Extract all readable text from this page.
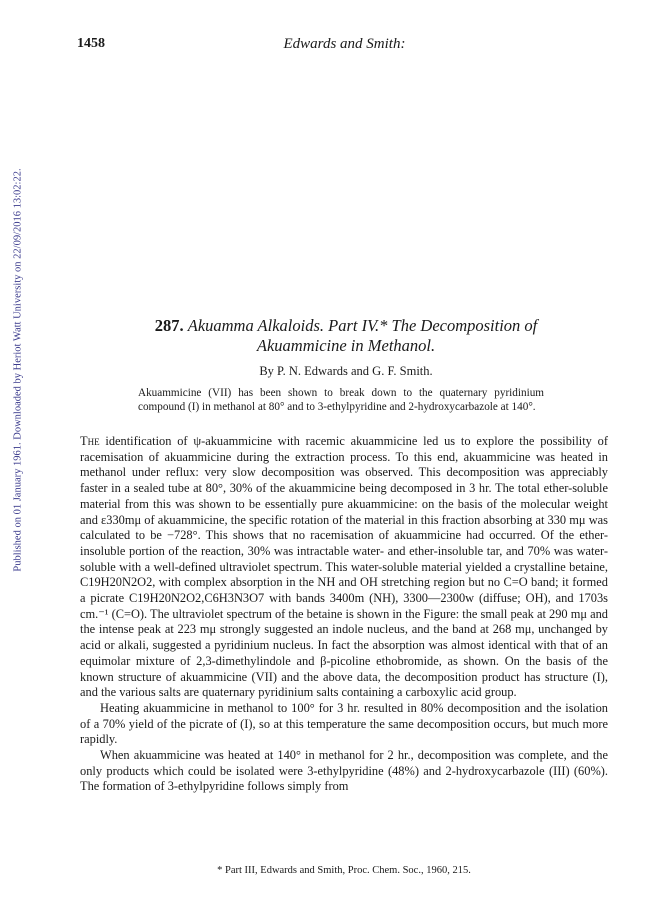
Published on 01 January 1961. Downloaded by Heriot Watt University on 22/09/2016 13:02:22.
1458	Edwards and Smith:
287. Akuamma Alkaloids. Part IV.* The Decomposition of
Akuammicine in Methanol.
By P. N. Edwards and G. F. Smith.
Akuammicine (VII) has been shown to break down to the quaternary pyridinium compound (I) in methanol at 80° and to 3-ethylpyridine and 2-hydroxycarbazole at 140°.

The identification of ψ-akuammicine with racemic akuammicine led us to explore the possibility of racemisation of akuammicine during the extraction process. To this end, akuammicine was heated in methanol under reflux: very slow decomposition was observed. This decomposition was appreciably faster in a sealed tube at 80°, 30% of the akuammicine being decomposed in 3 hr. The total ether-soluble material from this was shown to be essentially pure akuammicine: on the basis of the molecular weight and ε330mμ of akuammicine, the specific rotation of the material in this fraction absorbing at 330 mμ was calculated to be −728°. This shows that no racemisation of akuammicine had occurred. Of the ether-insoluble portion of the reaction, 30% was intractable water- and ether-insoluble tar, and 70% was water-soluble with a well-defined ultraviolet spectrum. This water-soluble material yielded a crystalline betaine, C19H20N2O2, with complex absorption in the NH and OH stretching region but no C=O band; it formed a picrate C19H20N2O2,C6H3N3O7 with bands 3400m (NH), 3300—2300w (diffuse; OH), and 1703s cm.⁻¹ (C=O). The ultraviolet spectrum of the betaine is shown in the Figure: the small peak at 290 mμ and the intense peak at 223 mμ strongly suggested an indole nucleus, and the band at 268 mμ, unchanged by acid or alkali, suggested a pyridinium nucleus. In fact the absorption was almost identical with that of an equimolar mixture of 2,3-dimethylindole and β-picoline ethobromide, as shown. On the basis of the known structure of akuammicine (VII) and the above data, the decomposition product has structure (I), and the various salts are quaternary pyridinium salts containing a carboxylic acid group.

Heating akuammicine in methanol to 100° for 3 hr. resulted in 80% decomposition and the isolation of a 70% yield of the picrate of (I), so at this temperature the same decomposition occurs, but much more rapidly.

When akuammicine was heated at 140° in methanol for 2 hr., decomposition was complete, and the only products which could be isolated were 3-ethylpyridine (48%) and 2-hydroxycarbazole (III) (60%). The formation of 3-ethylpyridine follows simply from

* Part III, Edwards and Smith, Proc. Chem. Soc., 1960, 215.
